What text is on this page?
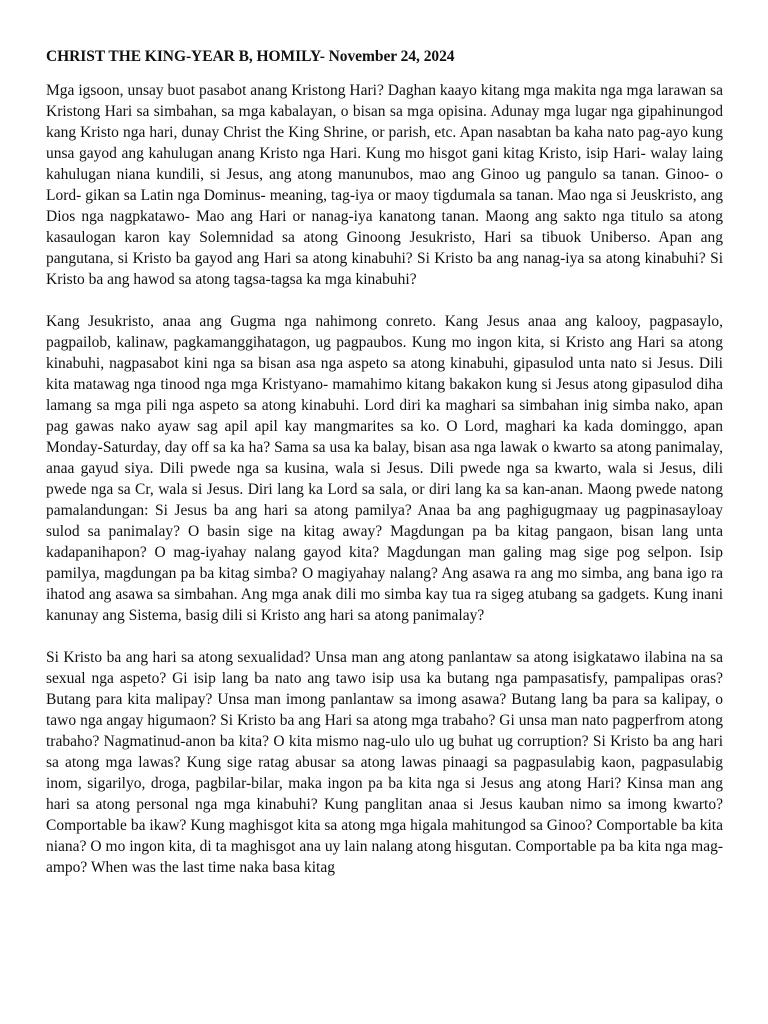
CHRIST THE KING-YEAR B, HOMILY- November 24, 2024

Mga igsoon, unsay buot pasabot anang Kristong Hari? Daghan kaayo kitang mga makita nga mga larawan sa Kristong Hari sa simbahan, sa mga kabalayan, o bisan sa mga opisina. Adunay mga lugar nga gipahinungod kang Kristo nga hari, dunay Christ the King Shrine, or parish, etc. Apan nasabtan ba kaha nato pag-ayo kung unsa gayod ang kahulugan anang Kristo nga Hari. Kung mo hisgot gani kitag Kristo, isip Hari- walay laing kahulugan niana kundili, si Jesus, ang atong manunubos, mao ang Ginoo ug pangulo sa tanan. Ginoo- o Lord- gikan sa Latin nga Dominus- meaning, tag-iya or maoy tigdumala sa tanan. Mao nga si Jeuskristo, ang Dios nga nagpkatawo- Mao ang Hari or nanag-iya kanatong tanan. Maong ang sakto nga titulo sa atong kasaulogan karon kay Solemnidad sa atong Ginoong Jesukristo, Hari sa tibuok Uniberso. Apan ang pangutana, si Kristo ba gayod ang Hari sa atong kinabuhi? Si Kristo ba ang nanag-iya sa atong kinabuhi? Si Kristo ba ang hawod sa atong tagsa-tagsa ka mga kinabuhi?

Kang Jesukristo, anaa ang Gugma nga nahimong conreto. Kang Jesus anaa ang kalooy, pagpasaylo, pagpailob, kalinaw, pagkamanggihatagon, ug pagpaubos. Kung mo ingon kita, si Kristo ang Hari sa atong kinabuhi, nagpasabot kini nga sa bisan asa nga aspeto sa atong kinabuhi, gipasulod unta nato si Jesus. Dili kita matawag nga tinood nga mga Kristyano- mamahimo kitang bakakon kung si Jesus atong gipasulod diha lamang sa mga pili nga aspeto sa atong kinabuhi. Lord diri ka maghari sa simbahan inig simba nako, apan pag gawas nako ayaw sag apil apil kay mangmarites sa ko. O Lord, maghari ka kada dominggo, apan Monday-Saturday, day off sa ka ha? Sama sa usa ka balay, bisan asa nga lawak o kwarto sa atong panimalay, anaa gayud siya. Dili pwede nga sa kusina, wala si Jesus. Dili pwede nga sa kwarto, wala si Jesus, dili pwede nga sa Cr, wala si Jesus. Diri lang ka Lord sa sala, or diri lang ka sa kan-anan. Maong pwede natong pamalandungan: Si Jesus ba ang hari sa atong pamilya? Anaa ba ang paghigugmaay ug pagpinasayloay sulod sa panimalay? O basin sige na kitag away? Magdungan pa ba kitag pangaon, bisan lang unta kadapanihapon? O mag-iyahay nalang gayod kita? Magdungan man galing mag sige pog selpon. Isip pamilya, magdungan pa ba kitag simba? O magiyahay nalang? Ang asawa ra ang mo simba, ang bana igo ra ihatod ang asawa sa simbahan. Ang mga anak dili mo simba kay tua ra sigeg atubang sa gadgets. Kung inani kanunay ang Sistema, basig dili si Kristo ang hari sa atong panimalay?

Si Kristo ba ang hari sa atong sexualidad? Unsa man ang atong panlantaw sa atong isigkatawo ilabina na sa sexual nga aspeto? Gi isip lang ba nato ang tawo isip usa ka butang nga pampasatisfy, pampalipas oras? Butang para kita malipay? Unsa man imong panlantaw sa imong asawa? Butang lang ba para sa kalipay, o tawo nga angay higumaon? Si Kristo ba ang Hari sa atong mga trabaho? Gi unsa man nato pagperfrom atong trabaho? Nagmatinud-anon ba kita? O kita mismo nag-ulo ulo ug buhat ug corruption? Si Kristo ba ang hari sa atong mga lawas? Kung sige ratag abusar sa atong lawas pinaagi sa pagpasulabig kaon, pagpasulabig inom, sigarilyo, droga, pagbilar-bilar, maka ingon pa ba kita nga si Jesus ang atong Hari? Kinsa man ang hari sa atong personal nga mga kinabuhi? Kung panglitan anaa si Jesus kauban nimo sa imong kwarto? Comportable ba ikaw? Kung maghisgot kita sa atong mga higala mahitungod sa Ginoo? Comportable ba kita niana? O mo ingon kita, di ta maghisgot ana uy lain nalang atong hisgutan. Comportable pa ba kita nga mag-ampo? When was the last time naka basa kitag
